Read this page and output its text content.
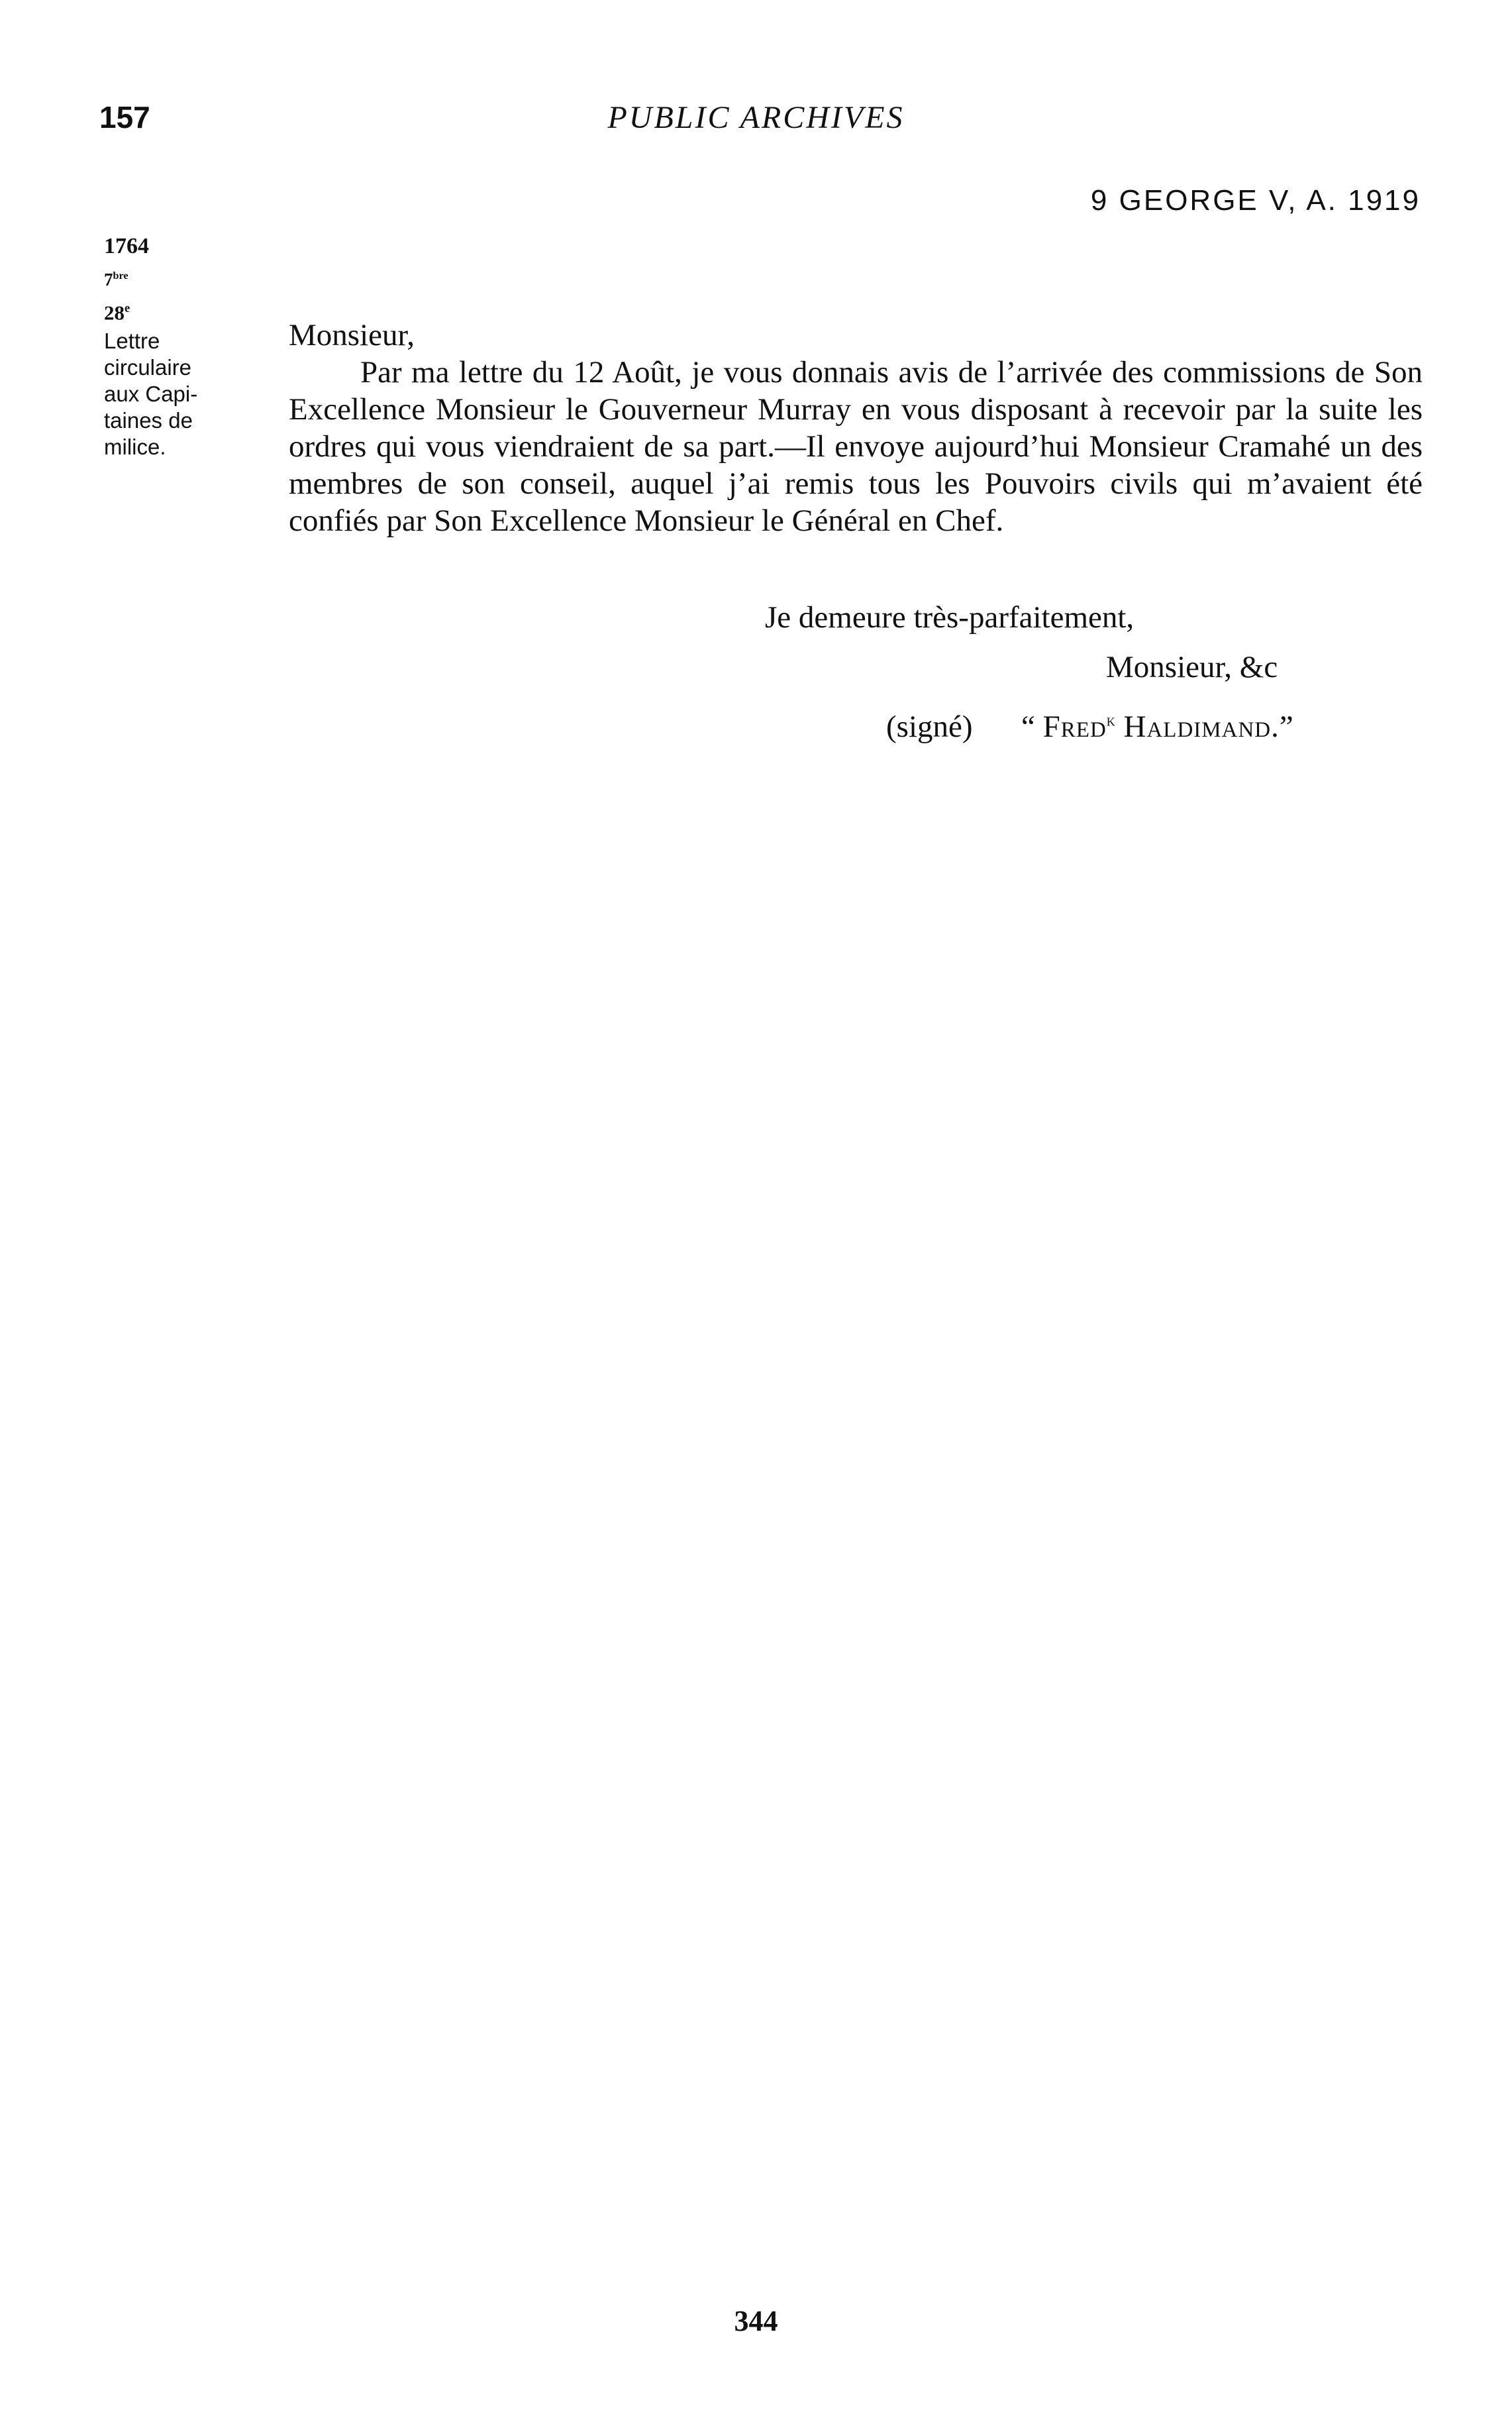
157	PUBLIC ARCHIVES
9 GEORGE V, A. 1919
1764
$7^{bre}$
28e
Lettre
circulaire
aux Capi-
taines de
milice.

Monsieur,

Par ma lettre du 12 Août, je vous donnais avis de l’arrivée des commissions de Son Excellence Monsieur le Gouverneur Murray en vous disposant à recevoir par la suite les ordres qui vous viendraient de sa part.—Il envoye aujourd’hui Monsieur Cramahé un des membres de son conseil, auquel j’ai remis tous les Pouvoirs civils qui m’avaient été confiés par Son Excellence Monsieur le Général en Chef.

Je demeure très-parfaitement,
Monsieur, &c
(signé) “ Fred$^k$ Haldimand.”
344
